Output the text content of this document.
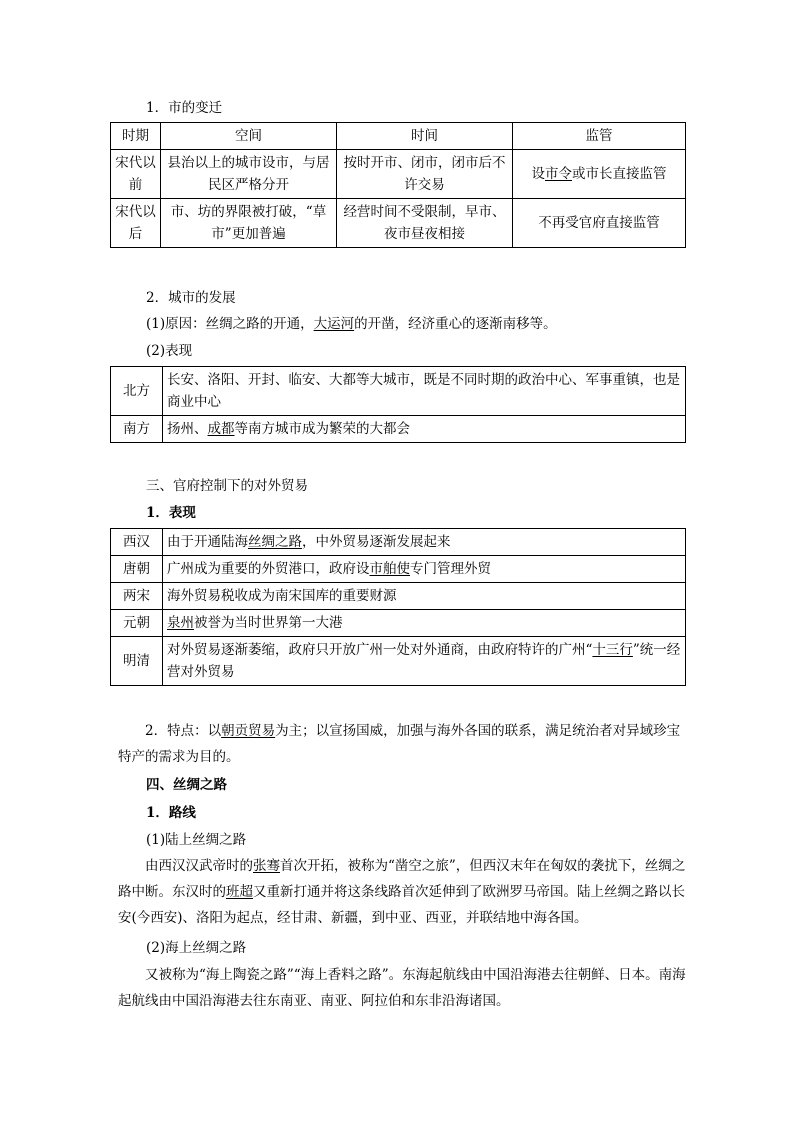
1．市的变迁
时期	空间	时间	监管
宋代以前	县治以上的城市设市，与居民区严格分开	按时开市、闭市，闭市后不许交易	设市令或市长直接监管
宋代以后	市、坊的界限被打破，“草市”更加普遍	经营时间不受限制，早市、夜市昼夜相接	不再受官府直接监管
2．城市的发展
(1)原因：丝绸之路的开通，大运河的开凿，经济重心的逐渐南移等。
(2)表现
北方	长安、洛阳、开封、临安、大都等大城市，既是不同时期的政治中心、军事重镇，也是商业中心
南方	扬州、成都等南方城市成为繁荣的大都会
三、官府控制下的对外贸易
1．表现
西汉	由于开通陆海丝绸之路，中外贸易逐渐发展起来
唐朝	广州成为重要的外贸港口，政府设市舶使专门管理外贸
两宋	海外贸易税收成为南宋国库的重要财源
元朝	泉州被誉为当时世界第一大港
明清	对外贸易逐渐萎缩，政府只开放广州一处对外通商，由政府特许的广州“十三行”统一经营对外贸易

2．特点：以朝贡贸易为主；以宣扬国威，加强与海外各国的联系，满足统治者对异域珍宝特产的需求为目的。

四、丝绸之路
1．路线
(1)陆上丝绸之路

由西汉汉武帝时的张骞首次开拓，被称为“凿空之旅”，但西汉末年在匈奴的袭扰下，丝绸之路中断。东汉时的班超又重新打通并将这条线路首次延伸到了欧洲罗马帝国。陆上丝绸之路以长安(今西安)、洛阳为起点，经甘肃、新疆，到中亚、西亚，并联结地中海各国。

(2)海上丝绸之路

又被称为“海上陶瓷之路”“海上香料之路”。东海起航线由中国沿海港去往朝鲜、日本。南海起航线由中国沿海港去往东南亚、南亚、阿拉伯和东非沿海诸国。
